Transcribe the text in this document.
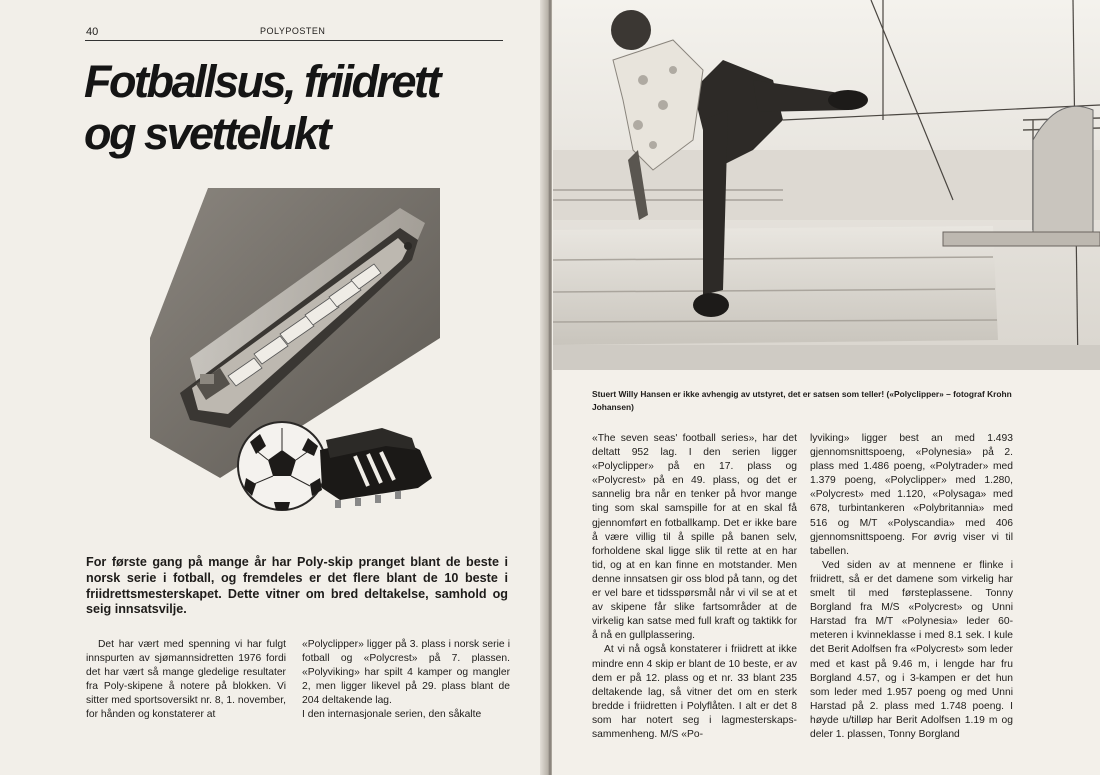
40	POLYPOSTEN
Fotballsus, friidrett
og svettelukt

For første gang på mange år har Poly-skip pranget blant de beste i norsk serie i fotball, og fremdeles er det flere blant de 10 beste i friidrettsmesterskapet. Dette vitner om bred deltakelse, samhold og seig innsatsvilje.

Det har vært med spenning vi har fulgt innspurten av sjømannsidretten 1976 fordi det har vært så mange gledelige resultater fra Poly-skipene å notere på blokken. Vi sitter med sportsoversikt nr. 8, 1. november, for hånden og konstaterer at

«Polyclipper» ligger på 3. plass i norsk serie i fotball og «Polycrest» på 7. plassen. «Polyviking» har spilt 4 kamper og mangler 2, men ligger likevel på 29. plass blant de 204 deltakende lag.

I den internasjonale serien, den såkalte

Stuert Willy Hansen er ikke avhengig av utstyret, det er satsen som teller! («Polyclipper» – fotograf Krohn Johansen)

«The seven seas' football series», har det deltatt 952 lag. I den serien ligger «Polyclipper» på en 17. plass og «Polycrest» på en 49. plass, og det er sannelig bra når en tenker på hvor mange ting som skal samspille for at en skal få gjennomført en fotballkamp. Det er ikke bare å være villig til å spille på banen selv, forholdene skal ligge slik til rette at en har tid, og at en kan finne en motstander. Men denne innsatsen gir oss blod på tann, og det er vel bare et tidsspørsmål når vi vil se at et av skipene får slike fartsområder at de virkelig kan satse med full kraft og taktikk for å nå en gullplassering.

At vi nå også konstaterer i friidrett at ikke mindre enn 4 skip er blant de 10 beste, er av dem er på 12. plass og et nr. 33 blant 235 deltakende lag, så vitner det om en sterk bredde i friidretten i Polyflåten. I alt er det 8 som har notert seg i lagmesterskaps-sammenheng. M/S «Po-

lyviking» ligger best an med 1.493 gjennomsnittspoeng, «Polynesia» på 2. plass med 1.486 poeng, «Polytrader» med 1.379 poeng, «Polyclipper» med 1.280, «Polycrest» med 1.120, «Polysaga» med 678, turbintankeren «Polybritannia» med 516 og M/T «Polyscandia» med 406 gjennomsnittspoeng. For øvrig viser vi til tabellen.

Ved siden av at mennene er flinke i friidrett, så er det damene som virkelig har smelt til med førsteplassene. Tonny Borgland fra M/S «Polycrest» og Unni Harstad fra M/T «Polynesia» leder 60-meteren i kvinneklasse i med 8.1 sek. I kule det Berit Adolfsen fra «Polycrest» som leder med et kast på 9.46 m, i lengde har fru Borgland 4.57, og i 3-kampen er det hun som leder med 1.957 poeng og med Unni Harstad på 2. plass med 1.748 poeng. I høyde u/tilløp har Berit Adolfsen 1.19 m og deler 1. plassen, Tonny Borgland
